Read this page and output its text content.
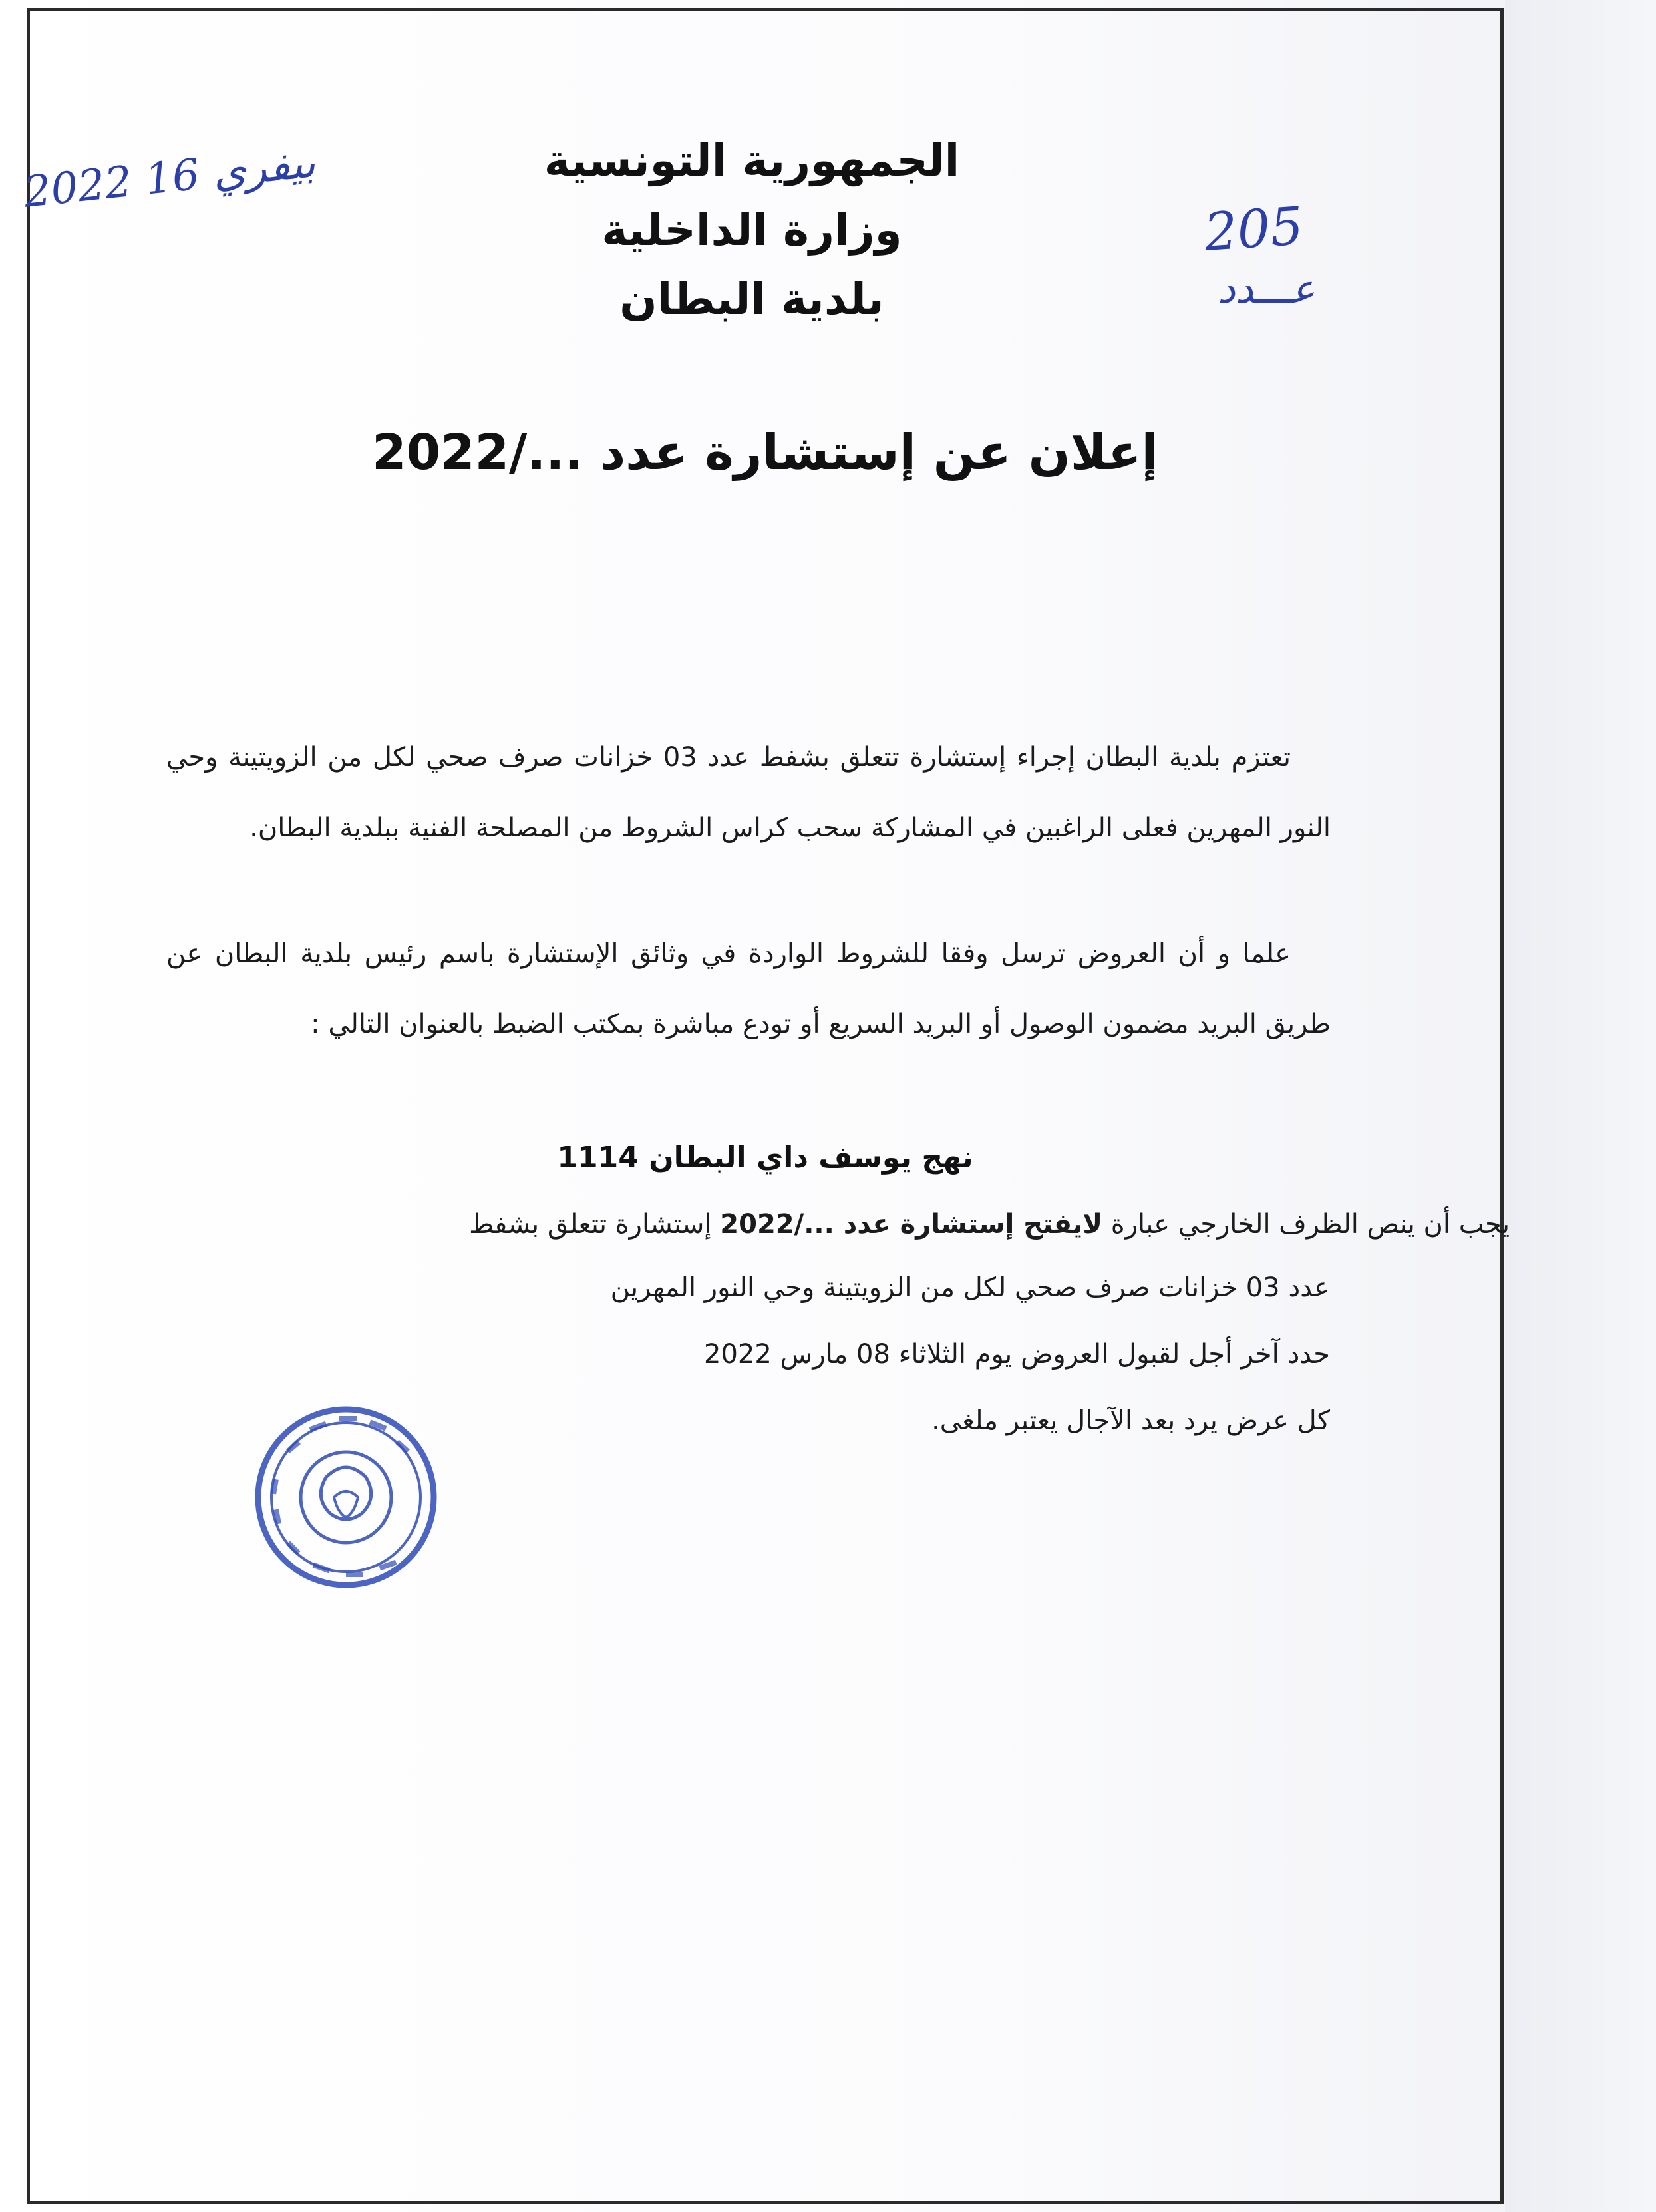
2022 بيفري 16
205
عـــدد
الجمهورية التونسية
وزارة الداخلية
بلدية البطان
إعلان عن إستشارة عدد .../2022

تعتزم بلدية البطان إجراء إستشارة تتعلق بشفط عدد 03 خزانات صرف صحي لكل من الزويتينة وحي النور المهرين فعلى الراغبين في المشاركة سحب كراس الشروط من المصلحة الفنية ببلدية البطان.

علما و أن العروض ترسل وفقا للشروط الواردة في وثائق الإستشارة باسم رئيس بلدية البطان عن طريق البريد مضمون الوصول أو البريد السريع أو تودع مباشرة بمكتب الضبط بالعنوان التالي :

نهج يوسف داي البطان 1114
يجب أن ينص الظرف الخارجي عبارة لايفتح إستشارة عدد .../2022 إستشارة تتعلق بشفط
عدد 03 خزانات صرف صحي لكل من الزويتينة وحي النور المهرين
حدد آخر أجل لقبول العروض يوم الثلاثاء 08 مارس 2022
كل عرض يرد بعد الآجال يعتبر ملغى.
